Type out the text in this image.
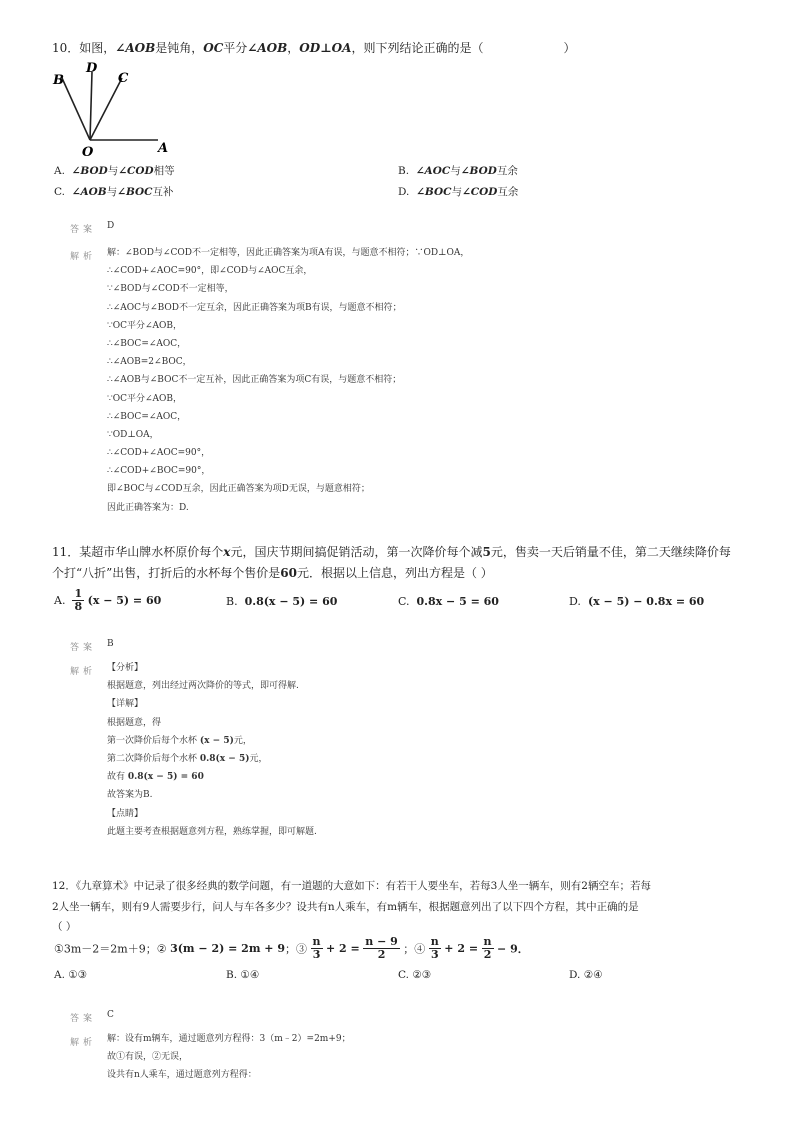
10．如图，∠AOB是钝角，OC平分∠AOB，OD⊥OA，则下列结论正确的是（	）
B
D
C
O	A
A. ∠BOD与∠COD相等	B. ∠AOC与∠BOD互余
C. ∠AOB与∠BOC互补	D. ∠BOC与∠COD互余
答案 D
解析 解：∠BOD与∠COD不一定相等，因此正确答案为项A有误，与题意不相符；∵OD⊥OA，
∴∠COD+∠AOC=90°，即∠COD与∠AOC互余，
∵∠BOD与∠COD不一定相等，
∴∠AOC与∠BOD不一定互余，因此正确答案为项B有误，与题意不相符；
∵OC平分∠AOB，
∴∠BOC=∠AOC，
∴∠AOB=2∠BOC，
∴∠AOB与∠BOC不一定互补，因此正确答案为项C有误，与题意不相符；
∵OC平分∠AOB，
∴∠BOC=∠AOC，
∵OD⊥OA，
∴∠COD+∠AOC=90°，
∴∠COD+∠BOC=90°，
即∠BOC与∠COD互余，因此正确答案为项D无误，与题意相符；
因此正确答案为：D.
11．某超市华山牌水杯原价每个x元，国庆节期间搞促销活动，第一次降价每个减5元，售卖一天后销量不佳，第二天继续降价每
个打“八折”出售，打折后的水杯每个售价是60元．根据以上信息，列出方程是（ ）
A. $\frac{1}{8} (x - 5) = 60$	B. 0.8(x − 5) = 60	C. 0.8x − 5 = 60	D. (x − 5) − 0.8x = 60
答案 B
解析 【分析】
根据题意，列出经过两次降价的等式，即可得解.
【详解】
根据题意，得
第一次降价后每个水杯 (x − 5)元，
第二次降价后每个水杯 0.8(x − 5)元，
故有 0.8(x − 5) = 60
故答案为B.
【点睛】
此题主要考查根据题意列方程，熟练掌握，即可解题.
12．《九章算术》中记录了很多经典的数学问题，有一道题的大意如下：有若干人要坐车，若每3人坐一辆车，则有2辆空车；若每
2人坐一辆车，则有9人需要步行，问人与车各多少？设共有n人乘车，有m辆车，根据题意列出了以下四个方程，其中正确的是
（ ）
①3m－2＝2m＋9；② 3(m − 2) = 2m + 9；③ $\frac{n}{3} + 2 = \frac{n - 9}{2}$ ；④ $\frac{n}{3} + 2 = \frac{n}{2} - 9$．
A. ①③	B. ①④	C. ②③	D. ②④
答案 C
解析 解：设有m辆车，通过题意列方程得：3（m﹣2）=2m+9；
故①有误，②无误，
设共有n人乘车，通过题意列方程得：
